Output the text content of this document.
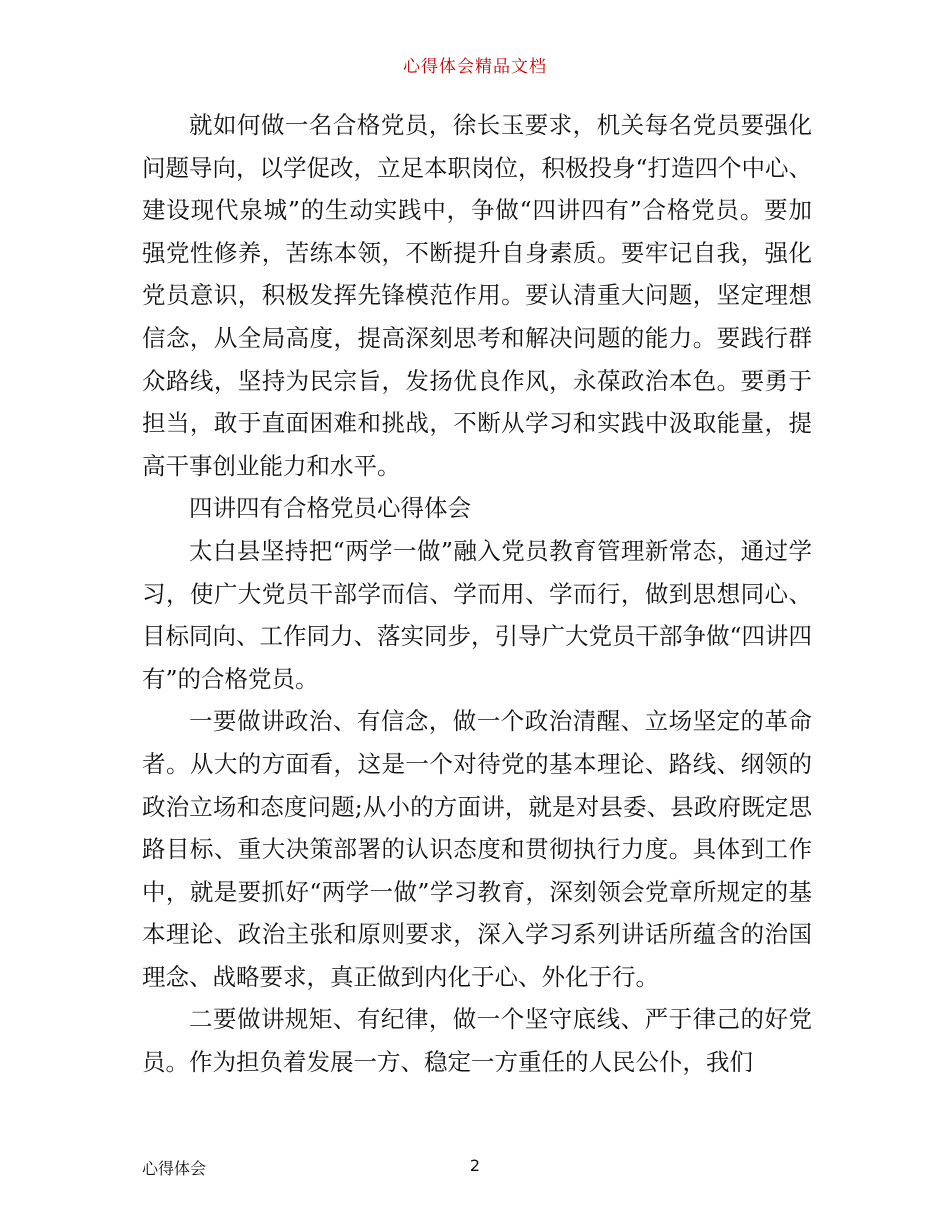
心得体会精品文档

就如何做一名合格党员，徐长玉要求，机关每名党员要强化问题导向，以学促改，立足本职岗位，积极投身“打造四个中心、建设现代泉城”的生动实践中，争做“四讲四有”合格党员。要加强党性修养，苦练本领，不断提升自身素质。要牢记自我，强化党员意识，积极发挥先锋模范作用。要认清重大问题，坚定理想信念，从全局高度，提高深刻思考和解决问题的能力。要践行群众路线，坚持为民宗旨，发扬优良作风，永葆政治本色。要勇于担当，敢于直面困难和挑战，不断从学习和实践中汲取能量，提高干事创业能力和水平。

四讲四有合格党员心得体会

太白县坚持把“两学一做”融入党员教育管理新常态，通过学习，使广大党员干部学而信、学而用、学而行，做到思想同心、目标同向、工作同力、落实同步，引导广大党员干部争做“四讲四有”的合格党员。

一要做讲政治、有信念，做一个政治清醒、立场坚定的革命者。从大的方面看，这是一个对待党的基本理论、路线、纲领的政治立场和态度问题;从小的方面讲，就是对县委、县政府既定思路目标、重大决策部署的认识态度和贯彻执行力度。具体到工作中，就是要抓好“两学一做”学习教育，深刻领会党章所规定的基本理论、政治主张和原则要求，深入学习系列讲话所蕴含的治国理念、战略要求，真正做到内化于心、外化于行。

二要做讲规矩、有纪律，做一个坚守底线、严于律己的好党员。作为担负着发展一方、稳定一方重任的人民公仆，我们

心得体会	2
